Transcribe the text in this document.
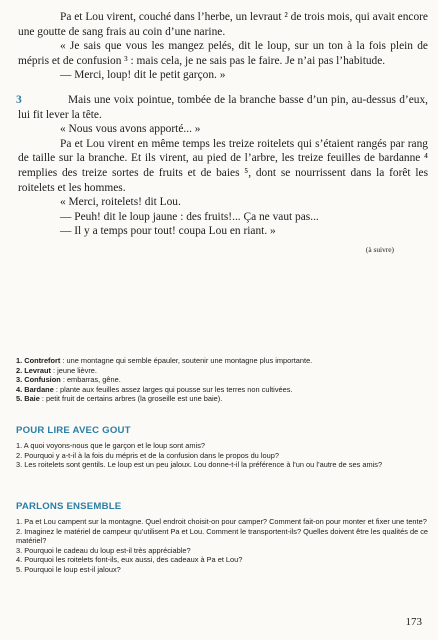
Pa et Lou virent, couché dans l’herbe, un levraut ² de trois mois, qui avait encore une goutte de sang frais au coin d’une narine.

« Je sais que vous les mangez pelés, dit le loup, sur un ton à la fois plein de mépris et de confusion ³ : mais cela, je ne sais pas le faire. Je n’ai pas l’habitude.

— Merci, loup! dit le petit garçon. »

3	Mais une voix pointue, tombée de la branche basse d’un pin, au-dessus d’eux, lui fit lever la tête.

« Nous vous avons apporté... »

Pa et Lou virent en même temps les treize roitelets qui s’étaient rangés par rang de taille sur la branche. Et ils virent, au pied de l’arbre, les treize feuilles de bardanne ⁴ remplies des treize sortes de fruits et de baies ⁵, dont se nourrissent dans la forêt les roitelets et les hommes.

« Merci, roitelets! dit Lou.

— Peuh! dit le loup jaune : des fruits!... Ça ne vaut pas...

— Il y a temps pour tout! coupa Lou en riant. »

(à suivre)
1. Contrefort : une montagne qui semble épauler, soutenir une montagne plus importante.
2. Levraut : jeune lièvre.
3. Confusion : embarras, gêne.
4. Bardane : plante aux feuilles assez larges qui pousse sur les terres non cultivées.
5. Baie : petit fruit de certains arbres (la groseille est une baie).
POUR LIRE AVEC GOUT

1. A quoi voyons-nous que le garçon et le loup sont amis?

2. Pourquoi y a-t-il à la fois du mépris et de la confusion dans le propos du loup?

3. Les roitelets sont gentils. Le loup est un peu jaloux. Lou donne-t-il la préférence à l’un ou l’autre de ses amis?

PARLONS ENSEMBLE

1. Pa et Lou campent sur la montagne. Quel endroit choisit-on pour camper? Comment fait-on pour monter et fixer une tente?

2. Imaginez le matériel de campeur qu’utilisent Pa et Lou. Comment le transportent-ils? Quelles doivent être les qualités de ce matériel?

3. Pourquoi le cadeau du loup est-il très appréciable?

4. Pourquoi les roitelets font-ils, eux aussi, des cadeaux à Pa et Lou?

5. Pourquoi le loup est-il jaloux?

173
